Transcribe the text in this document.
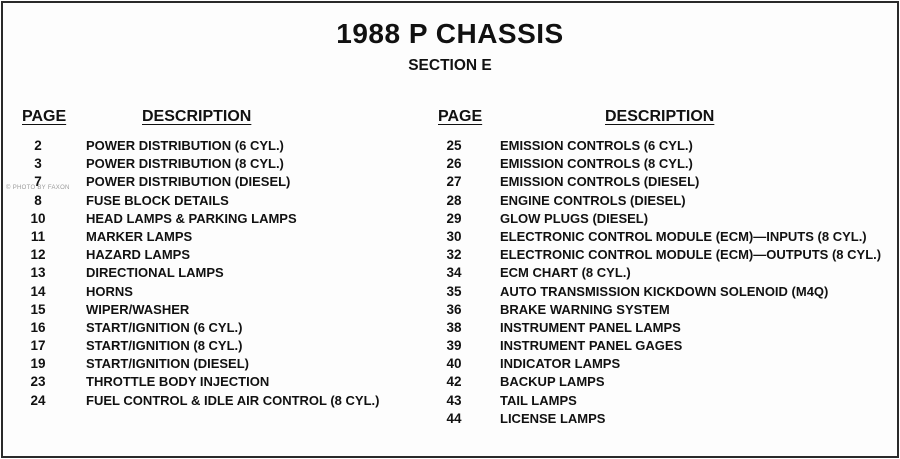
1988 P CHASSIS
SECTION E
PAGE	DESCRIPTION	PAGE	DESCRIPTION
2	POWER DISTRIBUTION (6 CYL.)
3	POWER DISTRIBUTION (8 CYL.)
7	POWER DISTRIBUTION (DIESEL)
8	FUSE BLOCK DETAILS
10	HEAD LAMPS & PARKING LAMPS
11	MARKER LAMPS
12	HAZARD LAMPS
13	DIRECTIONAL LAMPS
14	HORNS
15	WIPER/WASHER
16	START/IGNITION (6 CYL.)
17	START/IGNITION (8 CYL.)
19	START/IGNITION (DIESEL)
23	THROTTLE BODY INJECTION
24	FUEL CONTROL & IDLE AIR CONTROL (8 CYL.)
25	EMISSION CONTROLS (6 CYL.)
26	EMISSION CONTROLS (8 CYL.)
27	EMISSION CONTROLS (DIESEL)
28	ENGINE CONTROLS (DIESEL)
29	GLOW PLUGS (DIESEL)
30	ELECTRONIC CONTROL MODULE (ECM)—INPUTS (8 CYL.)
32	ELECTRONIC CONTROL MODULE (ECM)—OUTPUTS (8 CYL.)
34	ECM CHART (8 CYL.)
35	AUTO TRANSMISSION KICKDOWN SOLENOID (M4Q)
36	BRAKE WARNING SYSTEM
38	INSTRUMENT PANEL LAMPS
39	INSTRUMENT PANEL GAGES
40	INDICATOR LAMPS
42	BACKUP LAMPS
43	TAIL LAMPS
44	LICENSE LAMPS
© PHOTO BY FAXON
